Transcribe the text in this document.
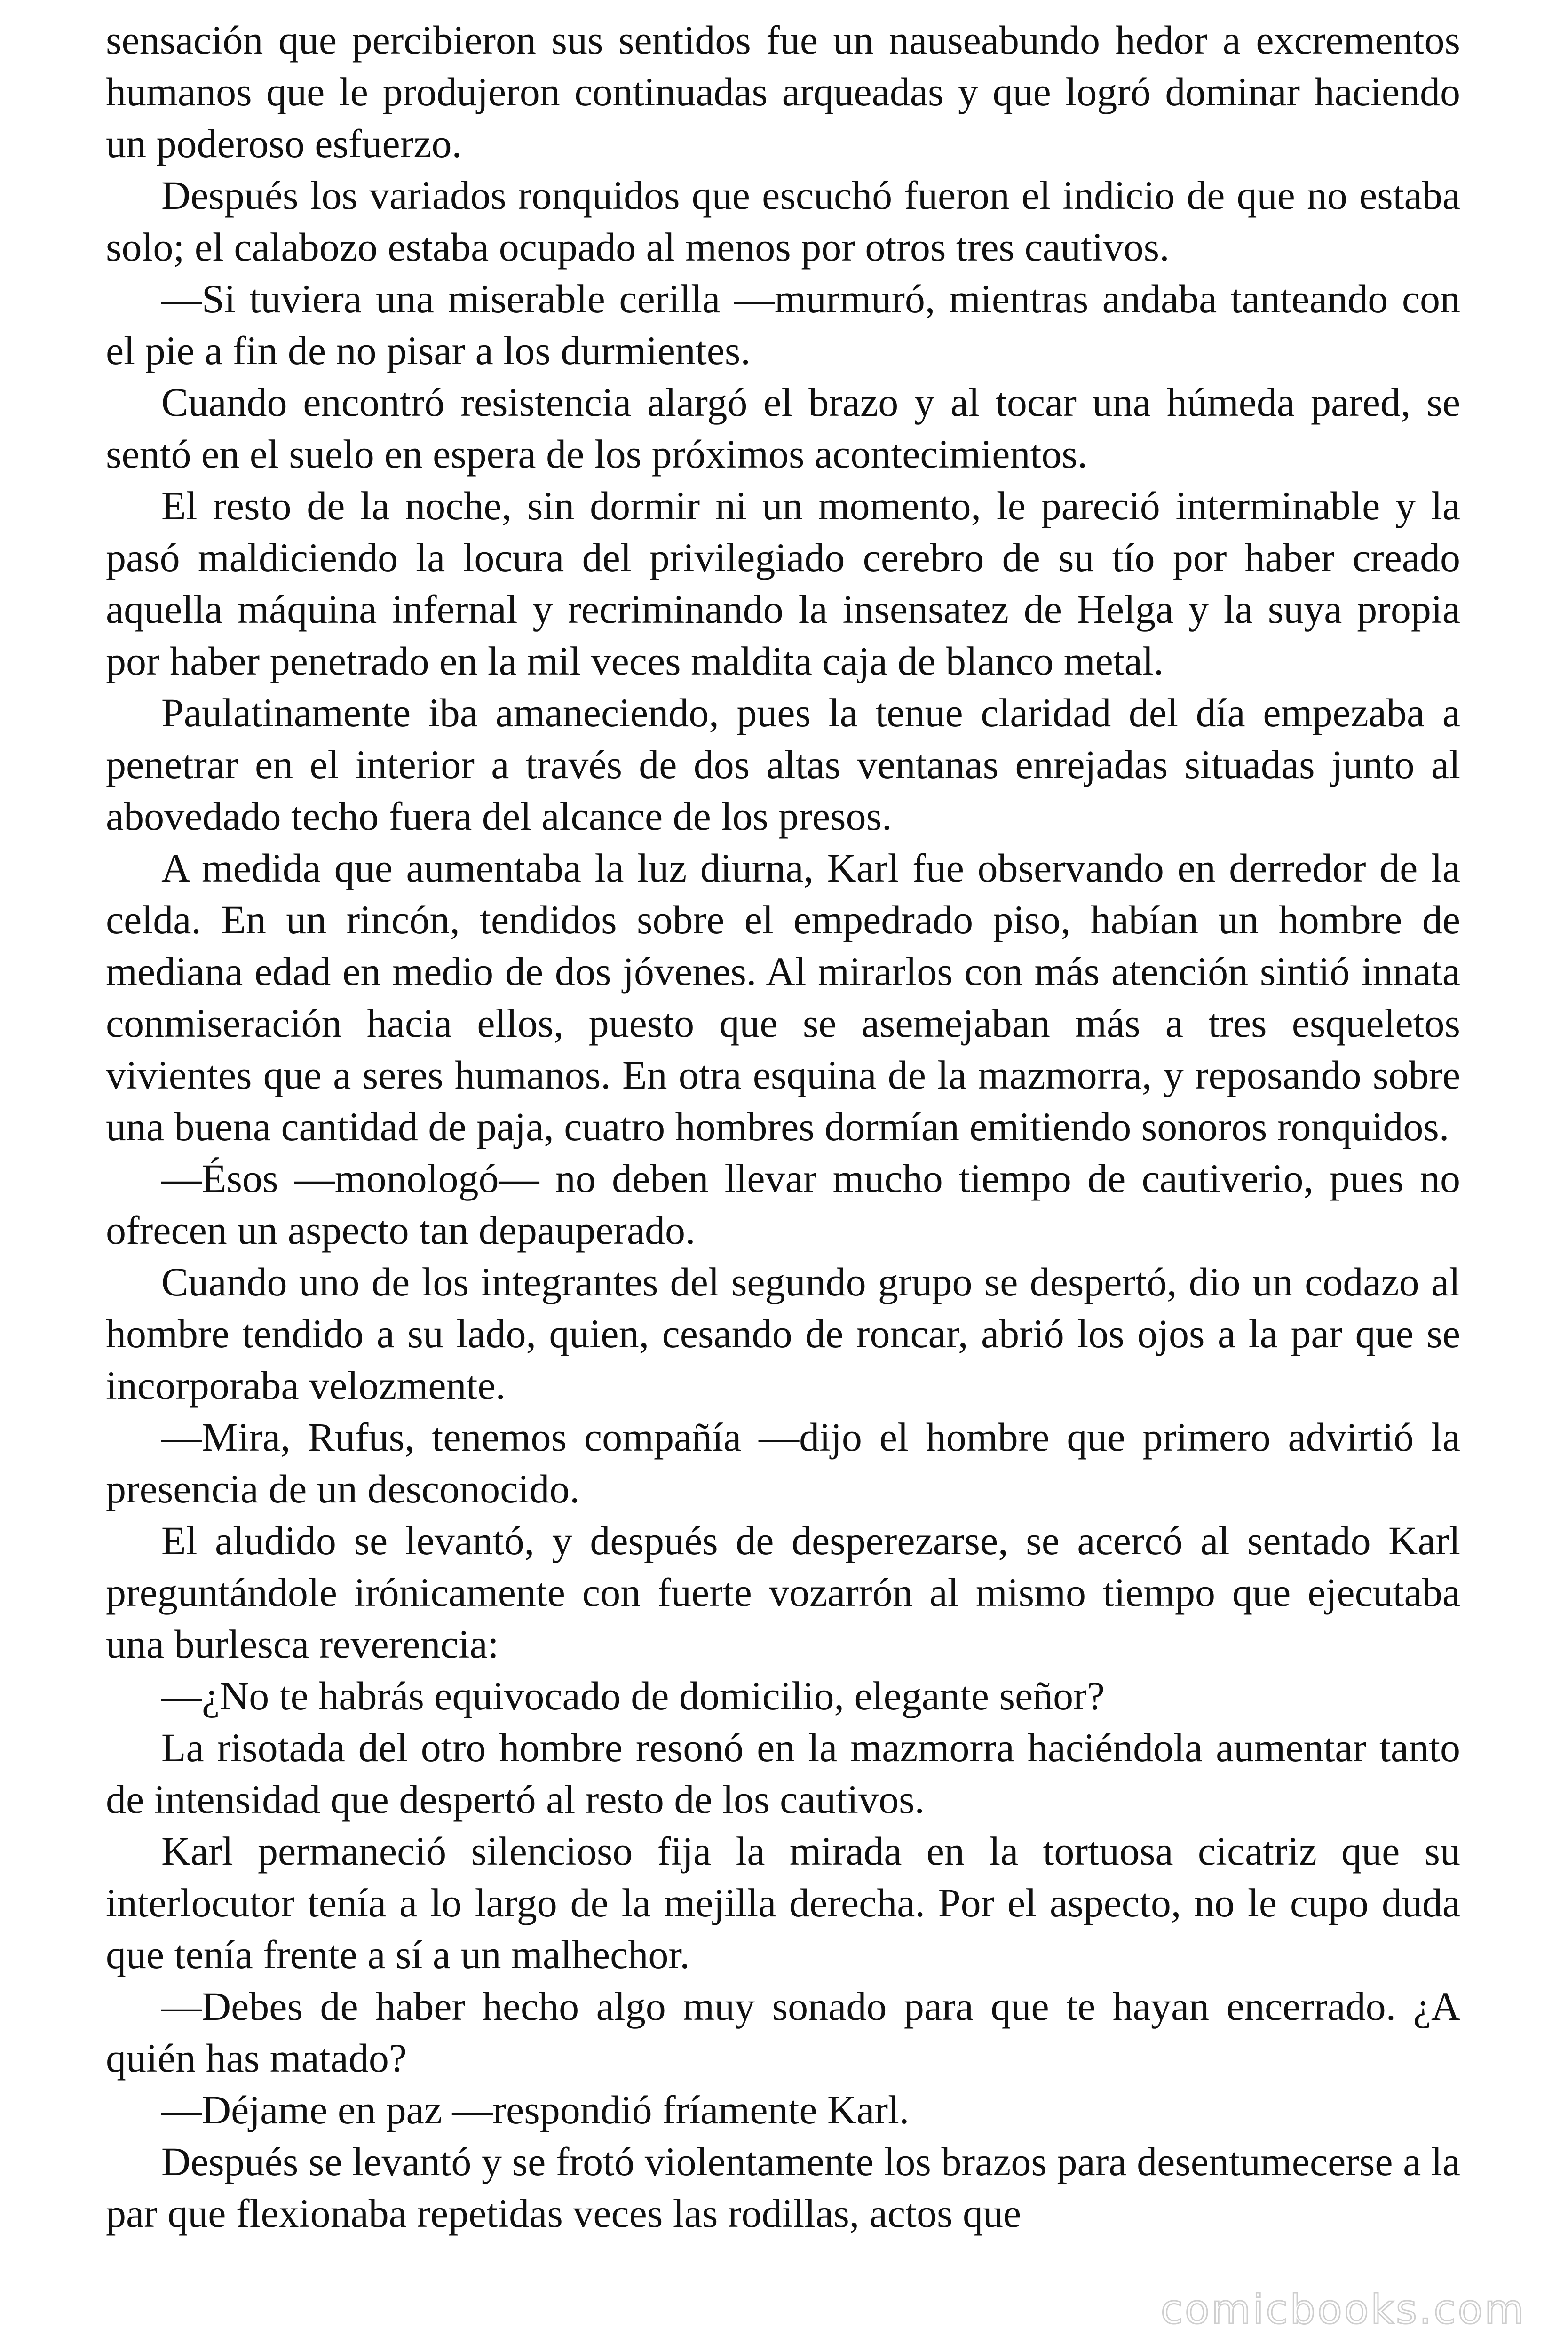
sensación que percibieron sus sentidos fue un nauseabundo hedor a excrementos humanos que le produjeron continuadas arqueadas y que logró dominar haciendo un poderoso esfuerzo.

Después los variados ronquidos que escuchó fueron el indicio de que no estaba solo; el calabozo estaba ocupado al menos por otros tres cautivos.

—Si tuviera una miserable cerilla —murmuró, mientras andaba tanteando con el pie a fin de no pisar a los durmientes.

Cuando encontró resistencia alargó el brazo y al tocar una húmeda pared, se sentó en el suelo en espera de los próximos acontecimientos.

El resto de la noche, sin dormir ni un momento, le pareció interminable y la pasó maldiciendo la locura del privilegiado cerebro de su tío por haber creado aquella máquina infernal y recriminando la insensatez de Helga y la suya propia por haber penetrado en la mil veces maldita caja de blanco metal.

Paulatinamente iba amaneciendo, pues la tenue claridad del día empezaba a penetrar en el interior a través de dos altas ventanas enrejadas situadas junto al abovedado techo fuera del alcance de los presos.

A medida que aumentaba la luz diurna, Karl fue observando en derredor de la celda. En un rincón, tendidos sobre el empedrado piso, habían un hombre de mediana edad en medio de dos jóvenes. Al mirarlos con más atención sintió innata conmiseración hacia ellos, puesto que se asemejaban más a tres esqueletos vivientes que a seres humanos. En otra esquina de la mazmorra, y reposando sobre una buena cantidad de paja, cuatro hombres dormían emitiendo sonoros ronquidos.

—Ésos —monologó— no deben llevar mucho tiempo de cautiverio, pues no ofrecen un aspecto tan depauperado.

Cuando uno de los integrantes del segundo grupo se despertó, dio un codazo al hombre tendido a su lado, quien, cesando de roncar, abrió los ojos a la par que se incorporaba velozmente.

—Mira, Rufus, tenemos compañía —dijo el hombre que primero advirtió la presencia de un desconocido.

El aludido se levantó, y después de desperezarse, se acercó al sentado Karl preguntándole irónicamente con fuerte vozarrón al mismo tiempo que ejecutaba una burlesca reverencia:

—¿No te habrás equivocado de domicilio, elegante señor?

La risotada del otro hombre resonó en la mazmorra haciéndola aumentar tanto de intensidad que despertó al resto de los cautivos.

Karl permaneció silencioso fija la mirada en la tortuosa cicatriz que su interlocutor tenía a lo largo de la mejilla derecha. Por el aspecto, no le cupo duda que tenía frente a sí a un malhechor.

—Debes de haber hecho algo muy sonado para que te hayan encerrado. ¿A quién has matado?

—Déjame en paz —respondió fríamente Karl.

Después se levantó y se frotó violentamente los brazos para desentumecerse a la par que flexionaba repetidas veces las rodillas, actos que

comicbooks.com
